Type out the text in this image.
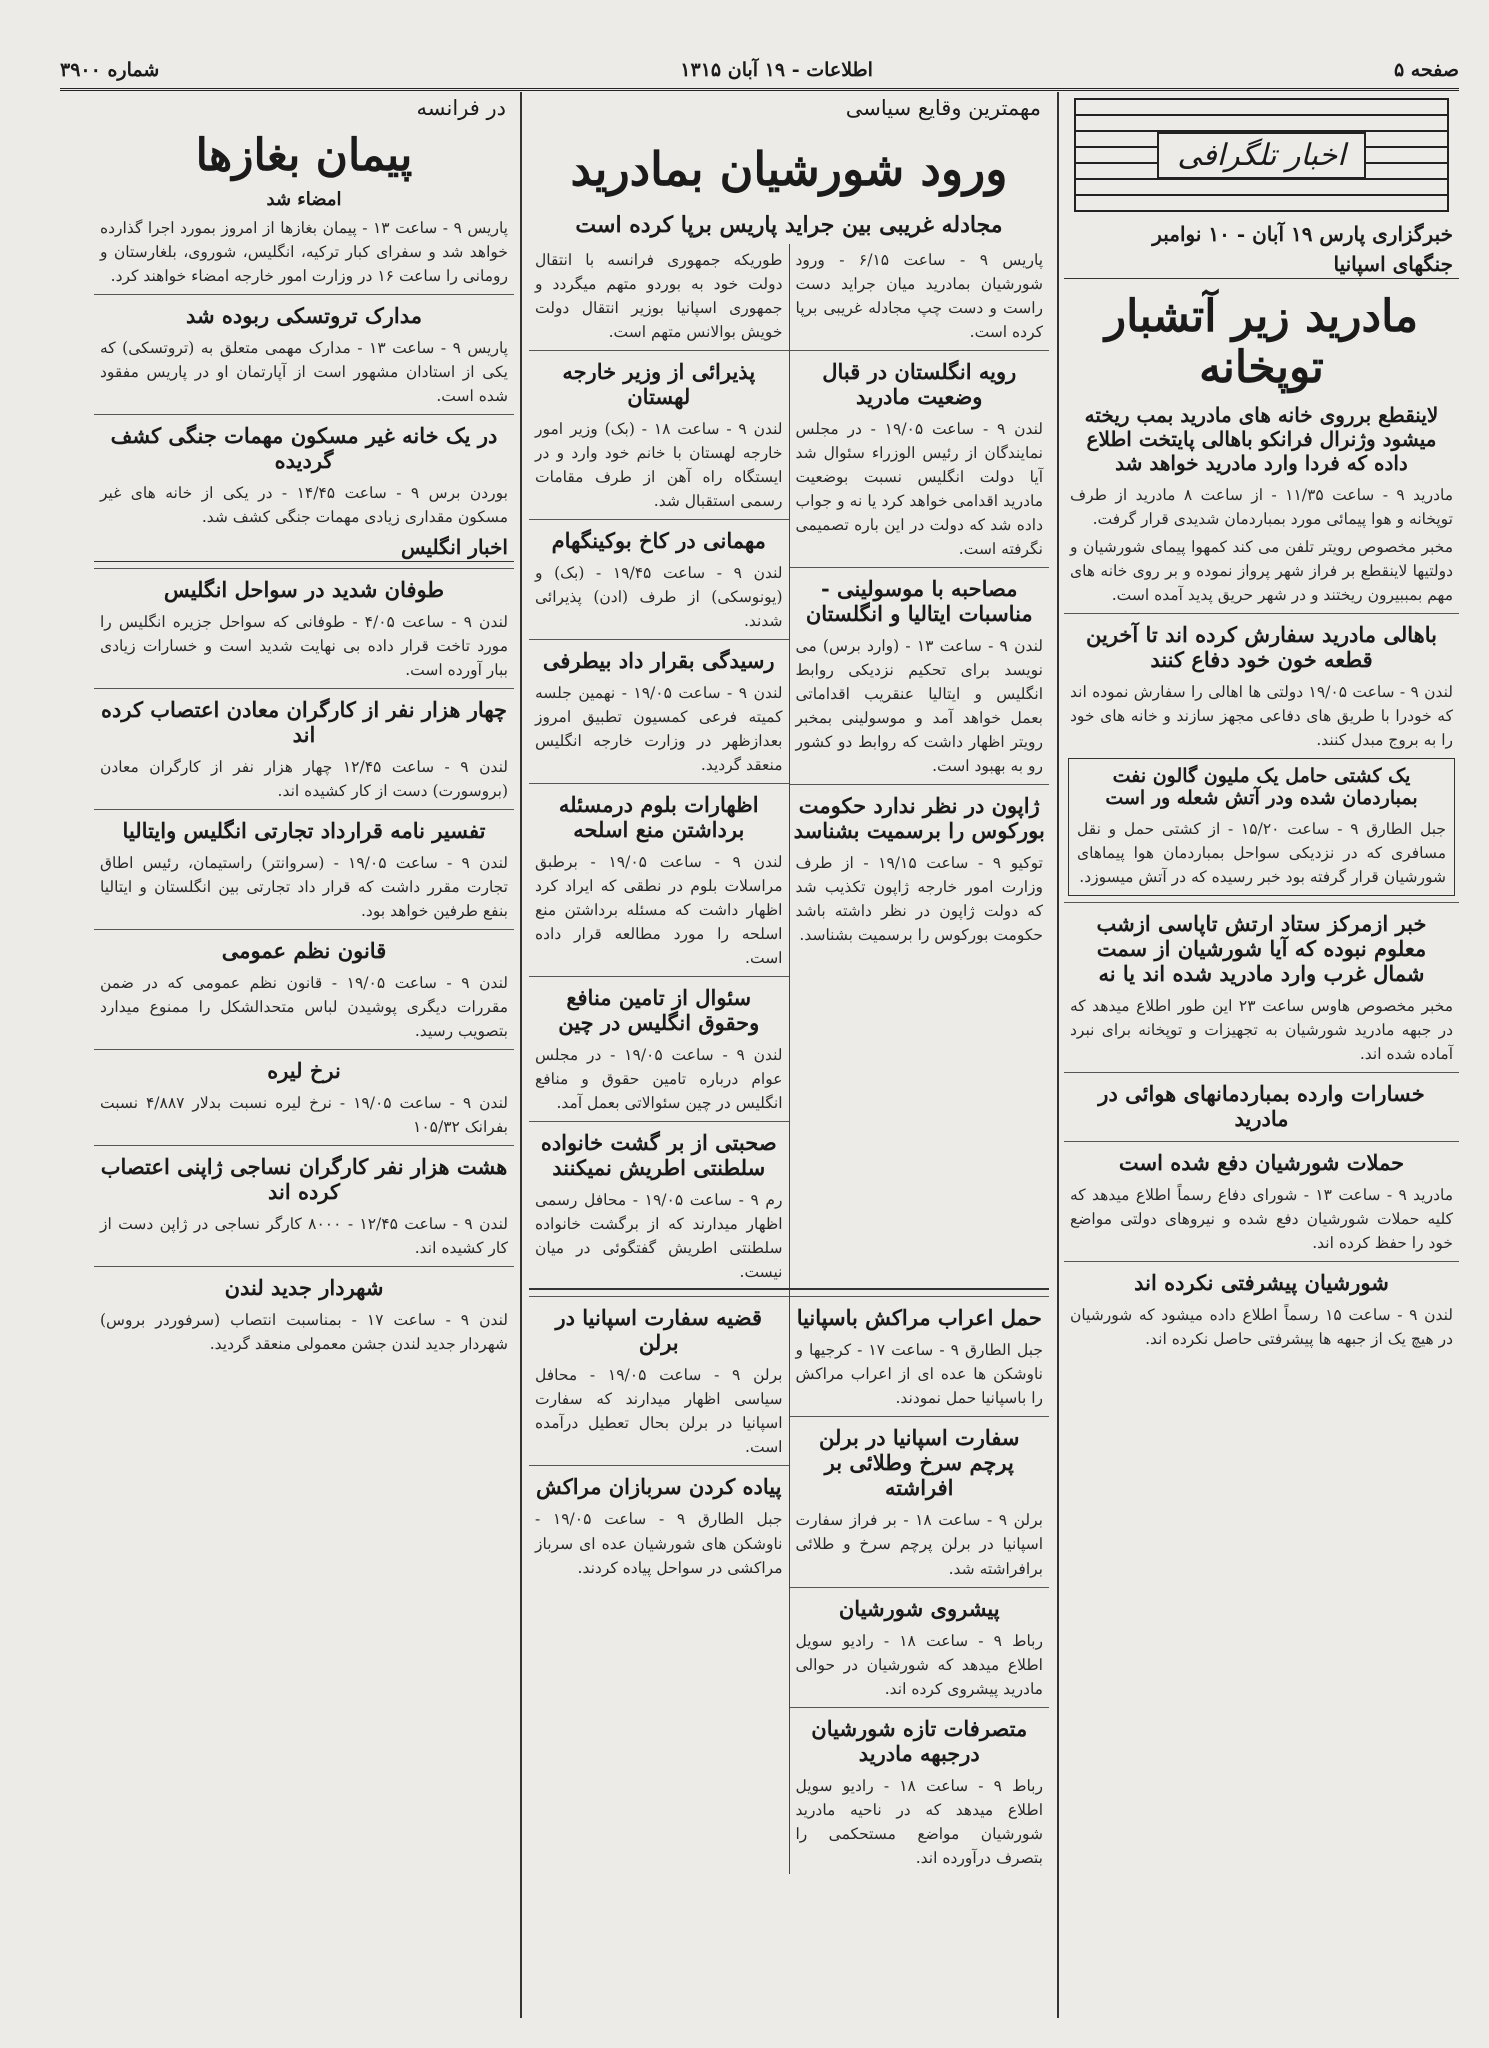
صفحه ۵
اطلاعات - ۱۹ آبان ۱۳۱۵
شماره ۳۹۰۰
اخبار تلگرافی
خبرگزاری پارس ۱۹ آبان - ۱۰ نوامبر
جنگهای اسپانیا
مادرید زیر آتشبار توپخانه
لاینقطع برروی خانه های مادرید بمب ریخته میشود وژنرال فرانکو باهالی پایتخت اطلاع داده که فردا وارد مادرید خواهد شد

مادرید ۹ - ساعت ۱۱/۳۵ - از ساعت ۸ مادرید از طرف توپخانه و هوا پیمائی مورد بمباردمان شدیدی قرار گرفت.

مخبر مخصوص رویتر تلفن می کند کمهوا پیمای شورشیان و دولتیها لاینقطع بر فراز شهر پرواز نموده و بر روی خانه های مهم بمببیرون ریختند و در شهر حریق پدید آمده است.

باهالی مادرید سفارش کرده اند تا آخرین قطعه خون خود دفاع کنند

لندن ۹ - ساعت ۱۹/۰۵ دولتی ها اهالی را سفارش نموده اند که خودرا با طریق های دفاعی مجهز سازند و خانه های خود را به بروج مبدل کنند.

یک کشتی حامل یک ملیون گالون نفت بمباردمان شده ودر آتش شعله ور است

جبل الطارق ۹ - ساعت ۱۵/۲۰ - از کشتی حمل و نقل مسافری که در نزدیکی سواحل بمباردمان هوا پیماهای شورشیان قرار گرفته بود خبر رسیده که در آتش میسوزد.

خبر ازمرکز ستاد ارتش تاپاسی ازشب معلوم نبوده که آیا شورشیان از سمت شمال غرب وارد مادرید شده اند یا نه

مخبر مخصوص هاوس ساعت ۲۳ این طور اطلاع میدهد که در جبهه مادرید شورشیان به تجهیزات و توپخانه برای نبرد آماده شده اند.

خسارات وارده بمباردمانهای هوائی در مادرید
حملات شورشیان دفع شده است

مادرید ۹ - ساعت ۱۳ - شورای دفاع رسماً اطلاع میدهد که کلیه حملات شورشیان دفع شده و نیروهای دولتی مواضع خود را حفظ کرده اند.

شورشیان پیشرفتی نکرده اند

لندن ۹ - ساعت ۱۵ رسماً اطلاع داده میشود که شورشیان در هیچ یک از جبهه ها پیشرفتی حاصل نکرده اند.

مهمترین وقایع سیاسی
ورود شورشیان بمادرید
مجادله غریبی بین جراید پاریس برپا کرده است

پاریس ۹ - ساعت ۶/۱۵ - ورود شورشیان بمادرید میان جراید دست راست و دست چپ مجادله غریبی برپا کرده است.

رویه انگلستان در قبال وضعیت مادرید

لندن ۹ - ساعت ۱۹/۰۵ - در مجلس نمایندگان از رئیس الوزراء سئوال شد آیا دولت انگلیس نسبت بوضعیت مادرید اقدامی خواهد کرد یا نه و جواب داده شد که دولت در این باره تصمیمی نگرفته است.

مصاحبه با موسولینی - مناسبات ایتالیا و انگلستان

لندن ۹ - ساعت ۱۳ - (وارد برس) می نویسد برای تحکیم نزدیکی روابط انگلیس و ایتالیا عنقریب اقداماتی بعمل خواهد آمد و موسولینی بمخبر رویتر اظهار داشت که روابط دو کشور رو به بهبود است.

ژاپون در نظر ندارد حکومت بورکوس را برسمیت بشناسد

توکیو ۹ - ساعت ۱۹/۱۵ - از طرف وزارت امور خارجه ژاپون تکذیب شد که دولت ژاپون در نظر داشته باشد حکومت بورکوس را برسمیت بشناسد.

طوریکه جمهوری فرانسه با انتقال دولت خود به بوردو متهم میگردد و جمهوری اسپانیا بوزیر انتقال دولت خویش بوالانس متهم است.

پذیرائی از وزیر خارجه لهستان

لندن ۹ - ساعت ۱۸ - (بک) وزیر امور خارجه لهستان با خانم خود وارد و در ایستگاه راه آهن از طرف مقامات رسمی استقبال شد.

مهمانی در کاخ بوکینگهام

لندن ۹ - ساعت ۱۹/۴۵ - (بک) و (یونوسکی) از طرف (ادن) پذیرائی شدند.

رسیدگی بقرار داد بیطرفی

لندن ۹ - ساعت ۱۹/۰۵ - نهمین جلسه کمیته فرعی کمسیون تطبیق امروز بعدازظهر در وزارت خارجه انگلیس منعقد گردید.

اظهارات بلوم درمسئله برداشتن منع اسلحه

لندن ۹ - ساعت ۱۹/۰۵ - برطبق مراسلات بلوم در نطقی که ایراد کرد اظهار داشت که مسئله برداشتن منع اسلحه را مورد مطالعه قرار داده است.

سئوال از تامین منافع وحقوق انگلیس در چین

لندن ۹ - ساعت ۱۹/۰۵ - در مجلس عوام درباره تامین حقوق و منافع انگلیس در چین سئوالاتی بعمل آمد.

صحبتی از بر گشت خانواده سلطنتی اطریش نمیکنند

رم ۹ - ساعت ۱۹/۰۵ - محافل رسمی اظهار میدارند که از برگشت خانواده سلطنتی اطریش گفتگوئی در میان نیست.

حمل اعراب مراکش باسپانیا

جبل الطارق ۹ - ساعت ۱۷ - کرجیها و ناوشکن ها عده ای از اعراب مراکش را باسپانیا حمل نمودند.

سفارت اسپانیا در برلن پرچم سرخ وطلائی بر افراشته

برلن ۹ - ساعت ۱۸ - بر فراز سفارت اسپانیا در برلن پرچم سرخ و طلائی برافراشته شد.

پیشروی شورشیان

رباط ۹ - ساعت ۱۸ - رادیو سویل اطلاع میدهد که شورشیان در حوالی مادرید پیشروی کرده اند.

متصرفات تازه شورشیان درجبهه مادرید

رباط ۹ - ساعت ۱۸ - رادیو سویل اطلاع میدهد که در ناحیه مادرید شورشیان مواضع مستحکمی را بتصرف درآورده اند.

قضیه سفارت اسپانیا در برلن

برلن ۹ - ساعت ۱۹/۰۵ - محافل سیاسی اظهار میدارند که سفارت اسپانیا در برلن بحال تعطیل درآمده است.

پیاده کردن سربازان مراکش

جبل الطارق ۹ - ساعت ۱۹/۰۵ - ناوشکن های شورشیان عده ای سرباز مراکشی در سواحل پیاده کردند.

در فرانسه
پیمان بغازها
امضاء شد

پاریس ۹ - ساعت ۱۳ - پیمان بغازها از امروز بمورد اجرا گذارده خواهد شد و سفرای کبار ترکیه، انگلیس، شوروی، بلغارستان و رومانی را ساعت ۱۶ در وزارت امور خارجه امضاء خواهند کرد.

مدارک تروتسکی ربوده شد

پاریس ۹ - ساعت ۱۳ - مدارک مهمی متعلق به (تروتسکی) که یکی از استادان مشهور است از آپارتمان او در پاریس مفقود شده است.

در یک خانه غیر مسکون مهمات جنگی کشف گردیده

بوردن برس ۹ - ساعت ۱۴/۴۵ - در یکی از خانه های غیر مسکون مقداری زیادی مهمات جنگی کشف شد.

اخبار انگلیس
طوفان شدید در سواحل انگلیس

لندن ۹ - ساعت ۴/۰۵ - طوفانی که سواحل جزیره انگلیس را مورد تاخت قرار داده بی نهایت شدید است و خسارات زیادی ببار آورده است.

چهار هزار نفر از کارگران معادن اعتصاب کرده اند

لندن ۹ - ساعت ۱۲/۴۵ چهار هزار نفر از کارگران معادن (بروسورت) دست از کار کشیده اند.

تفسیر نامه قرارداد تجارتی انگلیس وایتالیا

لندن ۹ - ساعت ۱۹/۰۵ - (سروانتر) راستیمان، رئیس اطاق تجارت مقرر داشت که قرار داد تجارتی بین انگلستان و ایتالیا بنفع طرفین خواهد بود.

قانون نظم عمومی

لندن ۹ - ساعت ۱۹/۰۵ - قانون نظم عمومی که در ضمن مقررات دیگری پوشیدن لباس متحدالشکل را ممنوع میدارد بتصویب رسید.

نرخ لیره

لندن ۹ - ساعت ۱۹/۰۵ - نرخ لیره نسبت بدلار ۴/۸۸۷ نسبت بفرانک ۱۰۵/۳۲

هشت هزار نفر کارگران نساجی ژاپنی اعتصاب کرده اند

لندن ۹ - ساعت ۱۲/۴۵ - ۸۰۰۰ کارگر نساجی در ژاپن دست از کار کشیده اند.

شهردار جدید لندن

لندن ۹ - ساعت ۱۷ - بمناسبت انتصاب (سرفوردر بروس) شهردار جدید لندن جشن معمولی منعقد گردید.
